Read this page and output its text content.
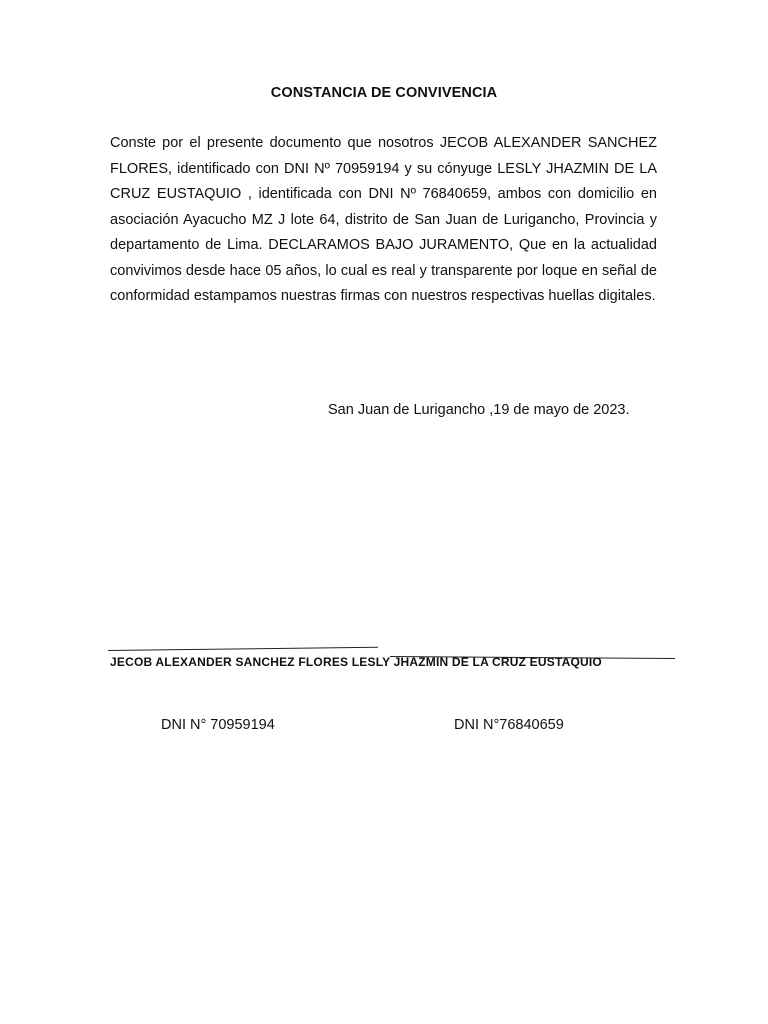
CONSTANCIA DE CONVIVENCIA
Conste por el presente documento que nosotros JECOB ALEXANDER SANCHEZ FLORES, identificado con DNI Nº 70959194 y su cónyuge LESLY JHAZMIN DE LA CRUZ EUSTAQUIO , identificada con DNI Nº 76840659, ambos con domicilio en asociación Ayacucho MZ J lote 64, distrito de San Juan de Lurigancho, Provincia y departamento de Lima. DECLARAMOS BAJO JURAMENTO, Que en la actualidad convivimos desde hace 05 años, lo cual es real y transparente por loque en señal de conformidad estampamos nuestras firmas con nuestros respectivas huellas digitales.
San Juan de Lurigancho ,19 de mayo de 2023.
JECOB ALEXANDER SANCHEZ FLORES LESLY JHAZMIN DE LA CRUZ EUSTAQUIO
DNI N° 70959194	DNI N°76840659
